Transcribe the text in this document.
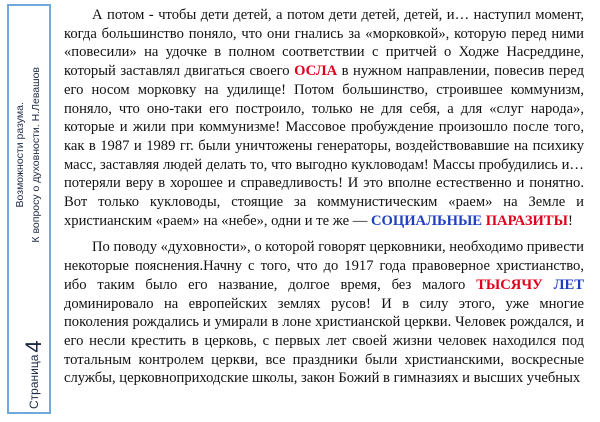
Страница4
Возможности разума. К вопросу о духовности. Н.Левашов

А потом - чтобы дети детей, а потом дети детей, детей, и… наступил момент, когда большинство поняло, что они гнались за «морковкой», которую перед ними «повесили» на удочке в полном соответствии с притчей о Ходже Насреддине, который заставлял двигаться своего ОСЛА в нужном направлении, повесив перед его носом морковку на удилище! Потом большинство, строившее коммунизм, поняло, что оно-таки его построило, только не для себя, а для «слуг народа», которые и жили при коммунизме! Массовое пробуждение произошло после того, как в 1987 и 1989 гг. были уничтожены генераторы, воздействовавшие на психику масс, заставляя людей делать то, что выгодно кукловодам! Массы пробудились и…потеряли веру в хорошее и справедливость! И это вполне естественно и понятно. Вот только кукловоды, стоящие за коммунистическим «раем» на Земле и христианским «раем» на «небе», одни и те же — СОЦИАЛЬНЫЕ ПАРАЗИТЫ!

По поводу «духовности», о которой говорят церковники, необходимо привести некоторые пояснения.Начну с того, что до 1917 года правоверное христианство, ибо таким было его название, долгое время, без малого ТЫСЯЧУ ЛЕТ доминировало на европейских землях русов! И в силу этого, уже многие поколения рождались и умирали в лоне христианской церкви. Человек рождался, и его несли крестить в церковь, с первых лет своей жизни человек находился под тотальным контролем церкви, все праздники были христианскими, воскресные службы, церковноприходские школы, закон Божий в гимназиях и высших учебных
